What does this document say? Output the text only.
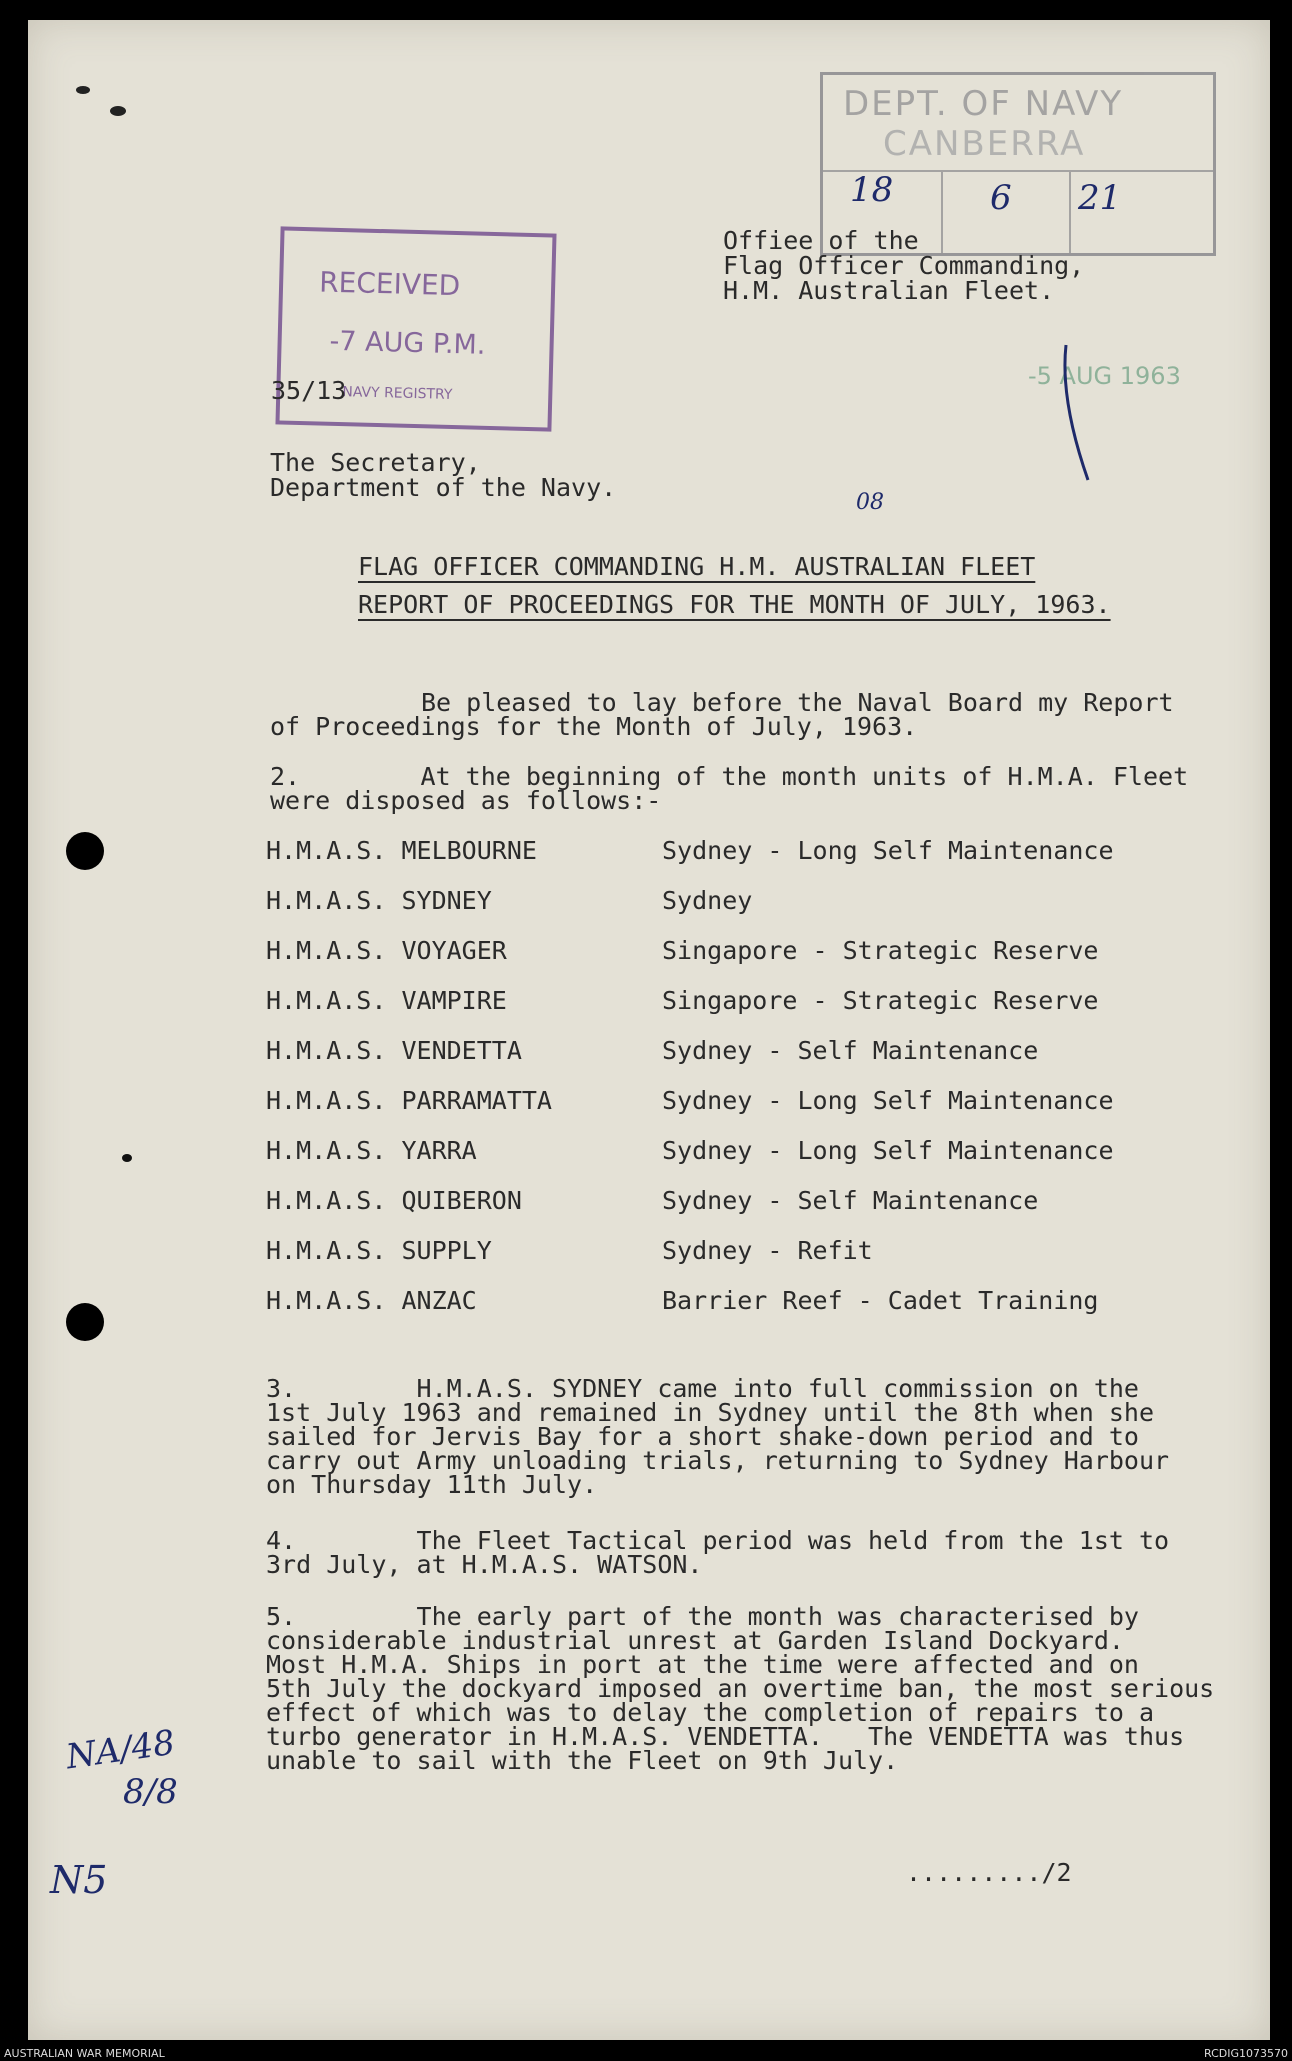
DEPT. OF NAVY
CANBERRA
18	6 21
RECEIVED
-7 AUG P.M.
NAVY REGISTRY
35/13
Offiee of the
Flag Officer Commanding,
H.M. Australian Fleet.
-5 AUG 1963
The Secretary,
Department of the Navy.
08
FLAG OFFICER COMMANDING H.M. AUSTRALIAN FLEET
REPORT OF PROCEEDINGS FOR THE MONTH OF JULY, 1963.
Be pleased to lay before the Naval Board my Report
of Proceedings for the Month of July, 1963.
2.        At the beginning of the month units of H.M.A. Fleet
were disposed as follows:-
H.M.A.S. MELBOURNE	Sydney - Long Self Maintenance
H.M.A.S. SYDNEY	Sydney
H.M.A.S. VOYAGER	Singapore - Strategic Reserve
H.M.A.S. VAMPIRE	Singapore - Strategic Reserve
H.M.A.S. VENDETTA	Sydney - Self Maintenance
H.M.A.S. PARRAMATTA	Sydney - Long Self Maintenance
H.M.A.S. YARRA	Sydney - Long Self Maintenance
H.M.A.S. QUIBERON	Sydney - Self Maintenance
H.M.A.S. SUPPLY	Sydney - Refit
H.M.A.S. ANZAC	Barrier Reef - Cadet Training
3.        H.M.A.S. SYDNEY came into full commission on the
1st July 1963 and remained in Sydney until the 8th when she
sailed for Jervis Bay for a short shake-down period and to
carry out Army unloading trials, returning to Sydney Harbour
on Thursday 11th July.
4.        The Fleet Tactical period was held from the 1st to
3rd July, at H.M.A.S. WATSON.
5.        The early part of the month was characterised by
considerable industrial unrest at Garden Island Dockyard.
Most H.M.A. Ships in port at the time were affected and on
5th July the dockyard imposed an overtime ban, the most serious
effect of which was to delay the completion of repairs to a
turbo generator in H.M.A.S. VENDETTA.   The VENDETTA was thus
unable to sail with the Fleet on 9th July.
NA/48
8/8
N5	........./2
AUSTRALIAN WAR MEMORIAL	RCDIG1073570
